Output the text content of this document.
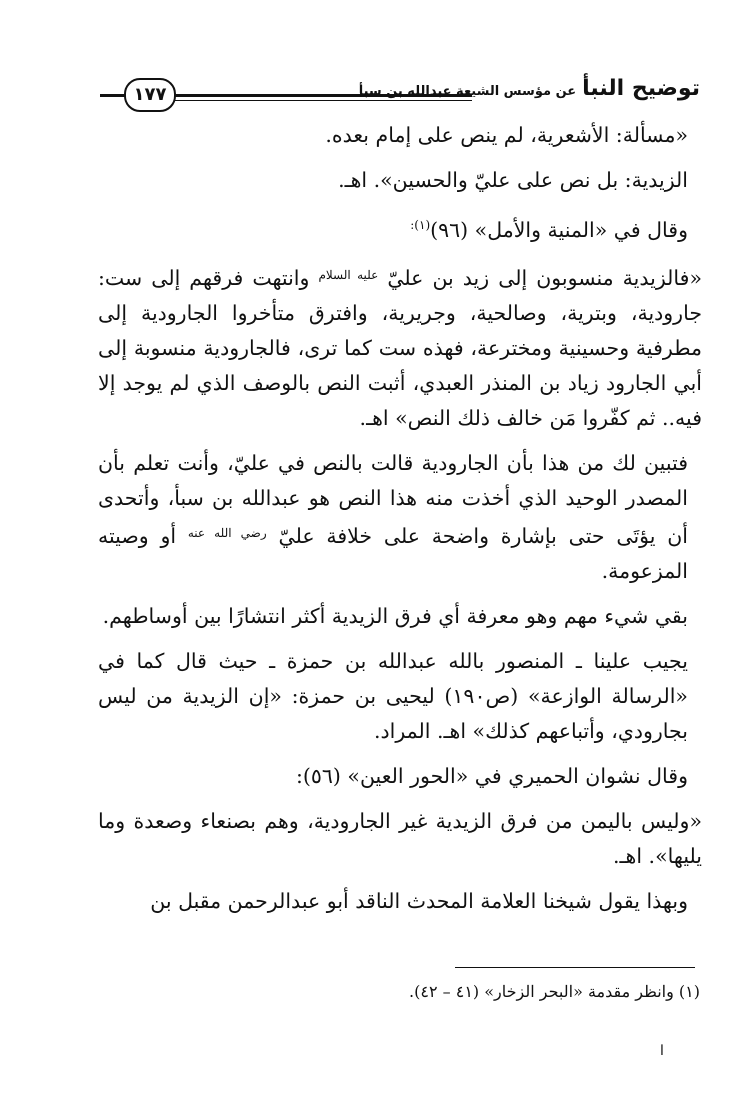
توضيح النبأعن مؤسس الشيعة عبدالله بن سبأ
١٧٧

«مسألة: الأشعرية، لم ينص على إمام بعده.

الزيدية: بل نص على عليّ والحسين». اهـ.

وقال في «المنية والأمل» (٩٦)$^{(١):}$

«فالزيدية منسوبون إلى زيد بن عليّ $^{عليه السلام}$ وانتهت فرقهم إلى ست: جارودية، وبترية، وصالحية، وجريرية، وافترق متأخروا الجارودية إلى مطرفية وحسينية ومخترعة، فهذه ست كما ترى، فالجارودية منسوبة إلى أبي الجارود زياد بن المنذر العبدي، أثبت النص بالوصف الذي لم يوجد إلا فيه.. ثم كفّروا مَن خالف ذلك النص» اهـ.

فتبين لك من هذا بأن الجارودية قالت بالنص في عليّ، وأنت تعلم بأن المصدر الوحيد الذي أخذت منه هذا النص هو عبدالله بن سبأ، وأتحدى أن يؤتَى حتى بإشارة واضحة على خلافة عليّ $^{رضي الله عنه}$ أو وصيته المزعومة.

بقي شيء مهم وهو معرفة أي فرق الزيدية أكثر انتشارًا بين أوساطهم.

يجيب علينا ـ المنصور بالله عبدالله بن حمزة ـ حيث قال كما في «الرسالة الوازعة» (ص١٩٠) ليحيى بن حمزة: «إن الزيدية من ليس بجارودي، وأتباعهم كذلك» اهـ. المراد.

وقال نشوان الحميري في «الحور العين» (٥٦):

«وليس باليمن من فرق الزيدية غير الجارودية، وهم بصنعاء وصعدة وما يليها». اهـ.

وبهذا يقول شيخنا العلامة المحدث الناقد أبو عبدالرحمن مقبل بن

(١) وانظر مقدمة «البحر الزخار» (٤١ – ٤٢).
ا
